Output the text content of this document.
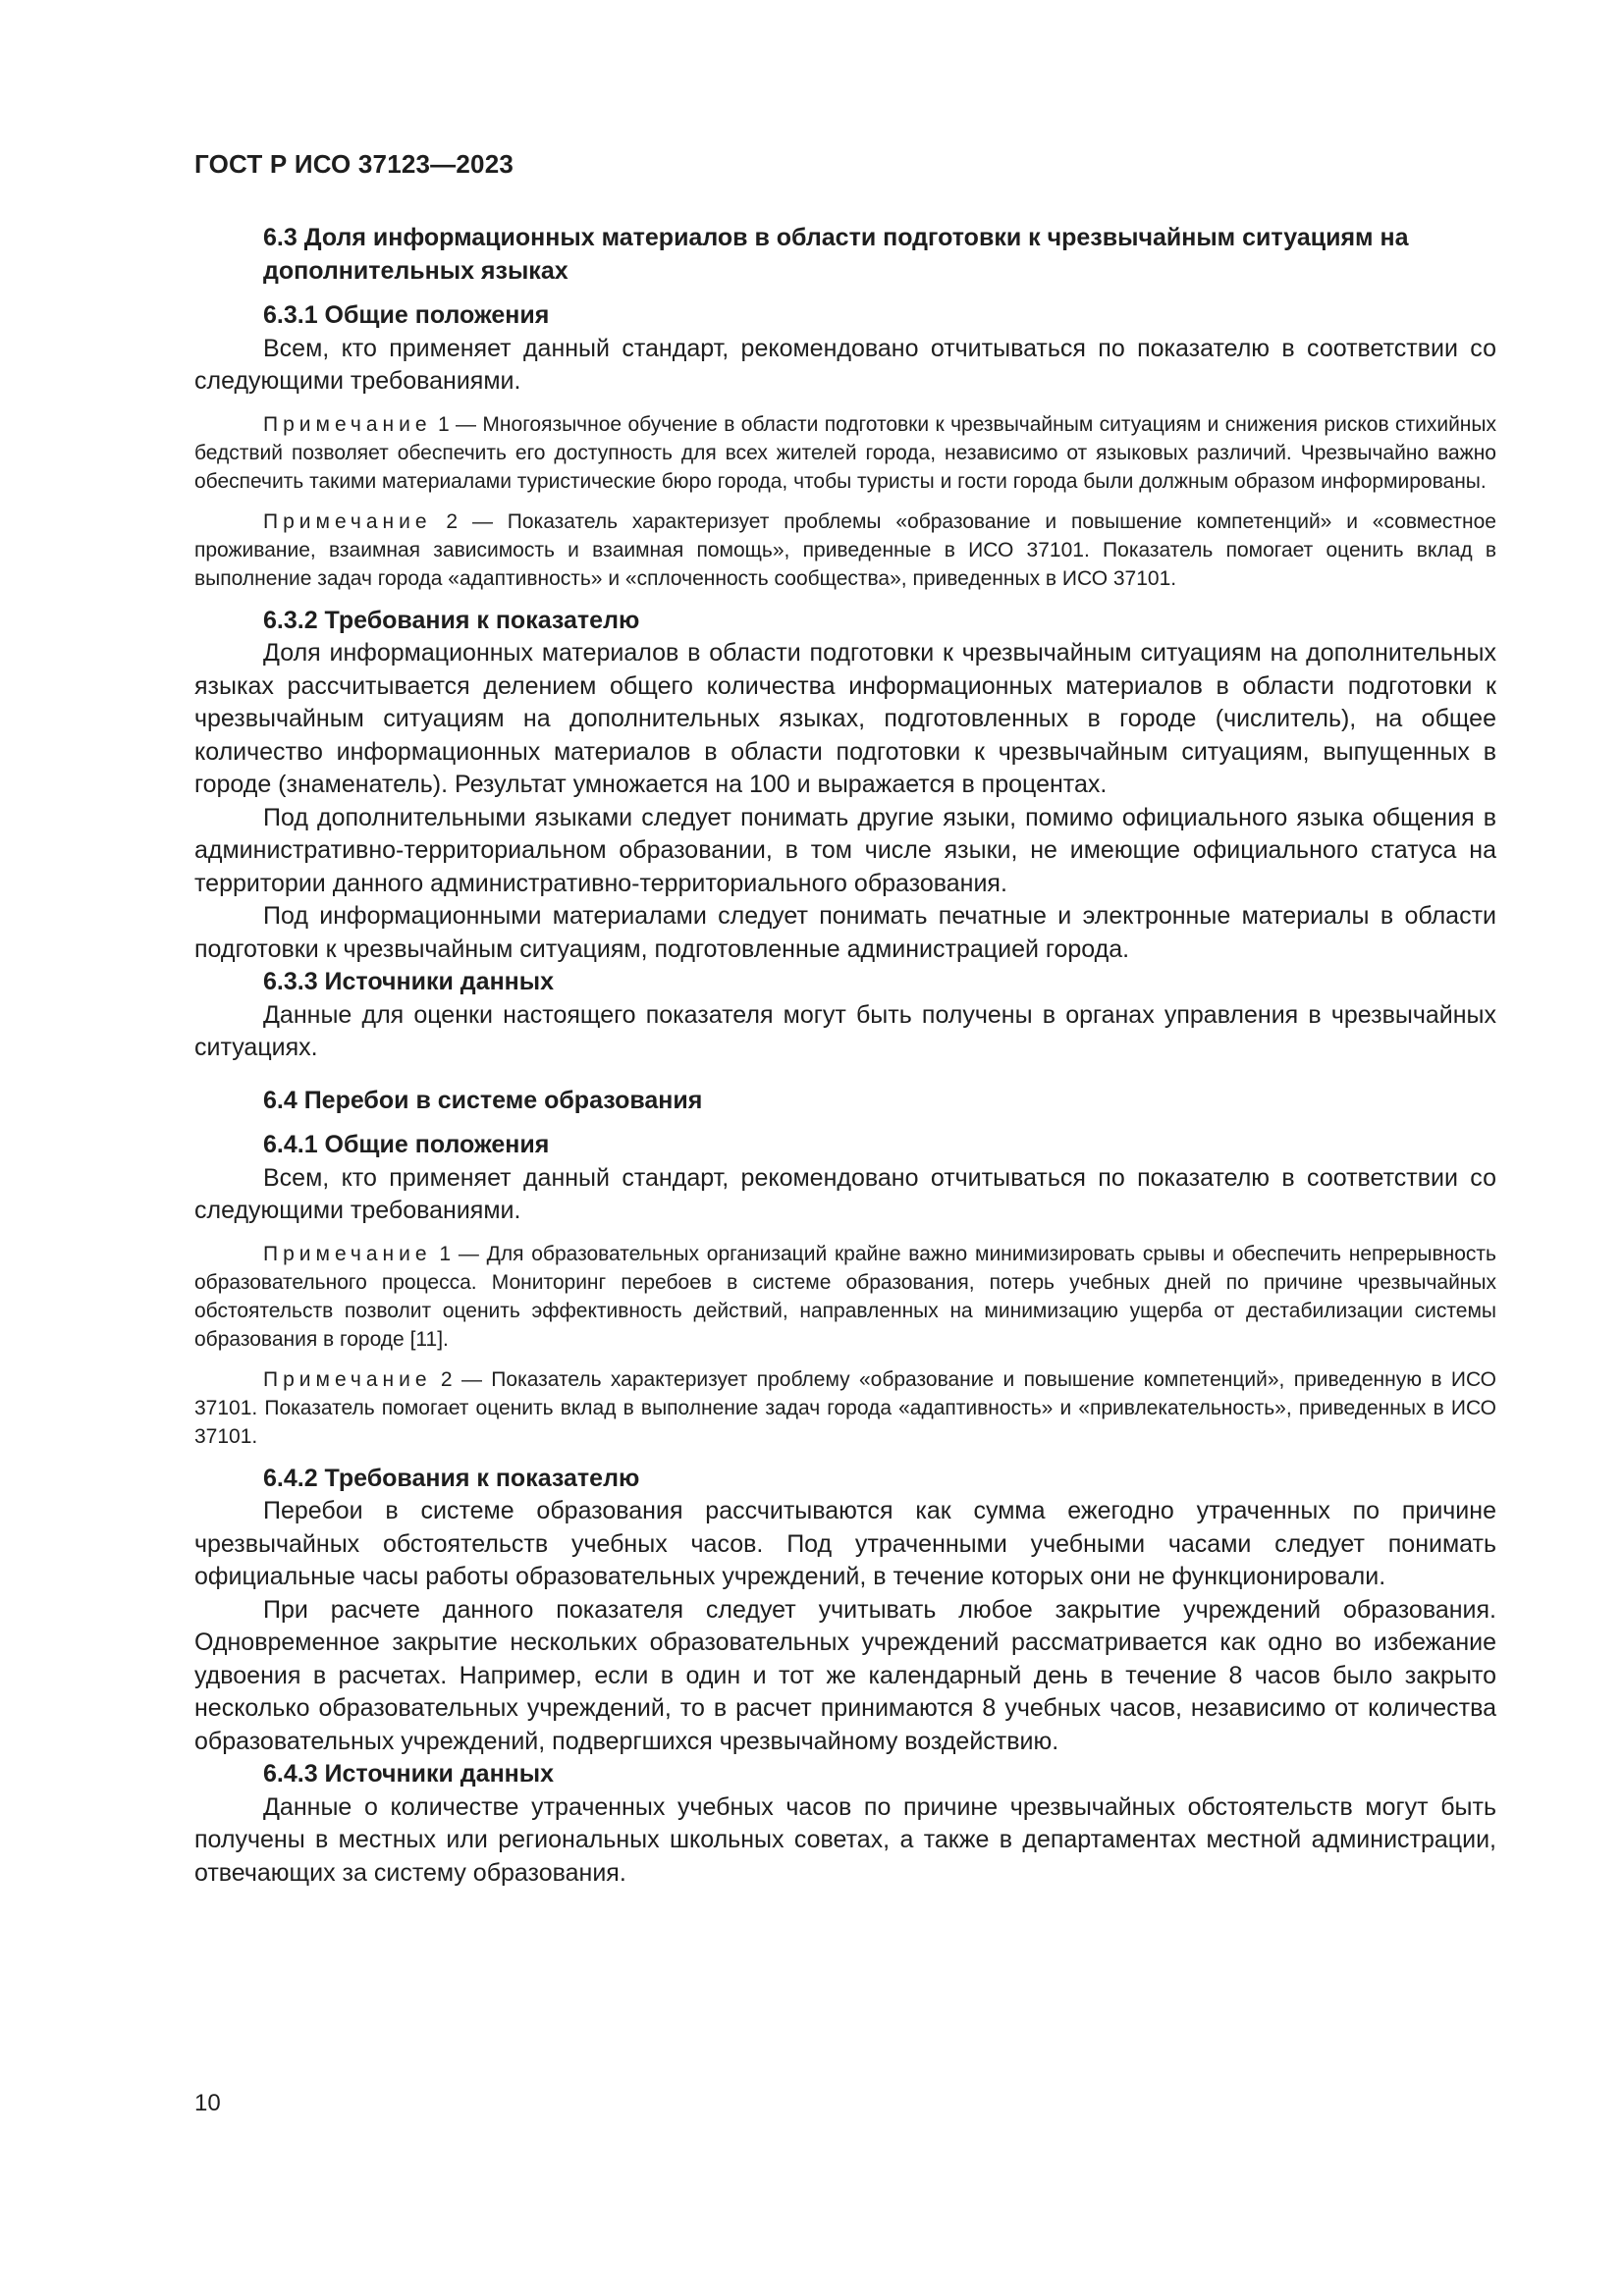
ГОСТ Р ИСО 37123—2023

6.3 Доля информационных материалов в области подготовки к чрезвычайным ситуациям на дополнительных языках

6.3.1 Общие положения

Всем, кто применяет данный стандарт, рекомендовано отчитываться по показателю в соответствии со следующими требованиями.

Примечание 1 — Многоязычное обучение в области подготовки к чрезвычайным ситуациям и снижения рисков стихийных бедствий позволяет обеспечить его доступность для всех жителей города, независимо от языковых различий. Чрезвычайно важно обеспечить такими материалами туристические бюро города, чтобы туристы и гости города были должным образом информированы.

Примечание 2 — Показатель характеризует проблемы «образование и повышение компетенций» и «совместное проживание, взаимная зависимость и взаимная помощь», приведенные в ИСО 37101. Показатель помогает оценить вклад в выполнение задач города «адаптивность» и «сплоченность сообщества», приведенных в ИСО 37101.

6.3.2 Требования к показателю

Доля информационных материалов в области подготовки к чрезвычайным ситуациям на дополнительных языках рассчитывается делением общего количества информационных материалов в области подготовки к чрезвычайным ситуациям на дополнительных языках, подготовленных в городе (числитель), на общее количество информационных материалов в области подготовки к чрезвычайным ситуациям, выпущенных в городе (знаменатель). Результат умножается на 100 и выражается в процентах.

Под дополнительными языками следует понимать другие языки, помимо официального языка общения в административно-территориальном образовании, в том числе языки, не имеющие официального статуса на территории данного административно-территориального образования.

Под информационными материалами следует понимать печатные и электронные материалы в области подготовки к чрезвычайным ситуациям, подготовленные администрацией города.

6.3.3 Источники данных

Данные для оценки настоящего показателя могут быть получены в органах управления в чрезвычайных ситуациях.

6.4 Перебои в системе образования

6.4.1 Общие положения

Всем, кто применяет данный стандарт, рекомендовано отчитываться по показателю в соответствии со следующими требованиями.

Примечание 1 — Для образовательных организаций крайне важно минимизировать срывы и обеспечить непрерывность образовательного процесса. Мониторинг перебоев в системе образования, потерь учебных дней по причине чрезвычайных обстоятельств позволит оценить эффективность действий, направленных на минимизацию ущерба от дестабилизации системы образования в городе [11].

Примечание 2 — Показатель характеризует проблему «образование и повышение компетенций», приведенную в ИСО 37101. Показатель помогает оценить вклад в выполнение задач города «адаптивность» и «привлекательность», приведенных в ИСО 37101.

6.4.2 Требования к показателю

Перебои в системе образования рассчитываются как сумма ежегодно утраченных по причине чрезвычайных обстоятельств учебных часов. Под утраченными учебными часами следует понимать официальные часы работы образовательных учреждений, в течение которых они не функционировали.

При расчете данного показателя следует учитывать любое закрытие учреждений образования. Одновременное закрытие нескольких образовательных учреждений рассматривается как одно во избежание удвоения в расчетах. Например, если в один и тот же календарный день в течение 8 часов было закрыто несколько образовательных учреждений, то в расчет принимаются 8 учебных часов, независимо от количества образовательных учреждений, подвергшихся чрезвычайному воздействию.

6.4.3 Источники данных

Данные о количестве утраченных учебных часов по причине чрезвычайных обстоятельств могут быть получены в местных или региональных школьных советах, а также в департаментах местной администрации, отвечающих за систему образования.

10
